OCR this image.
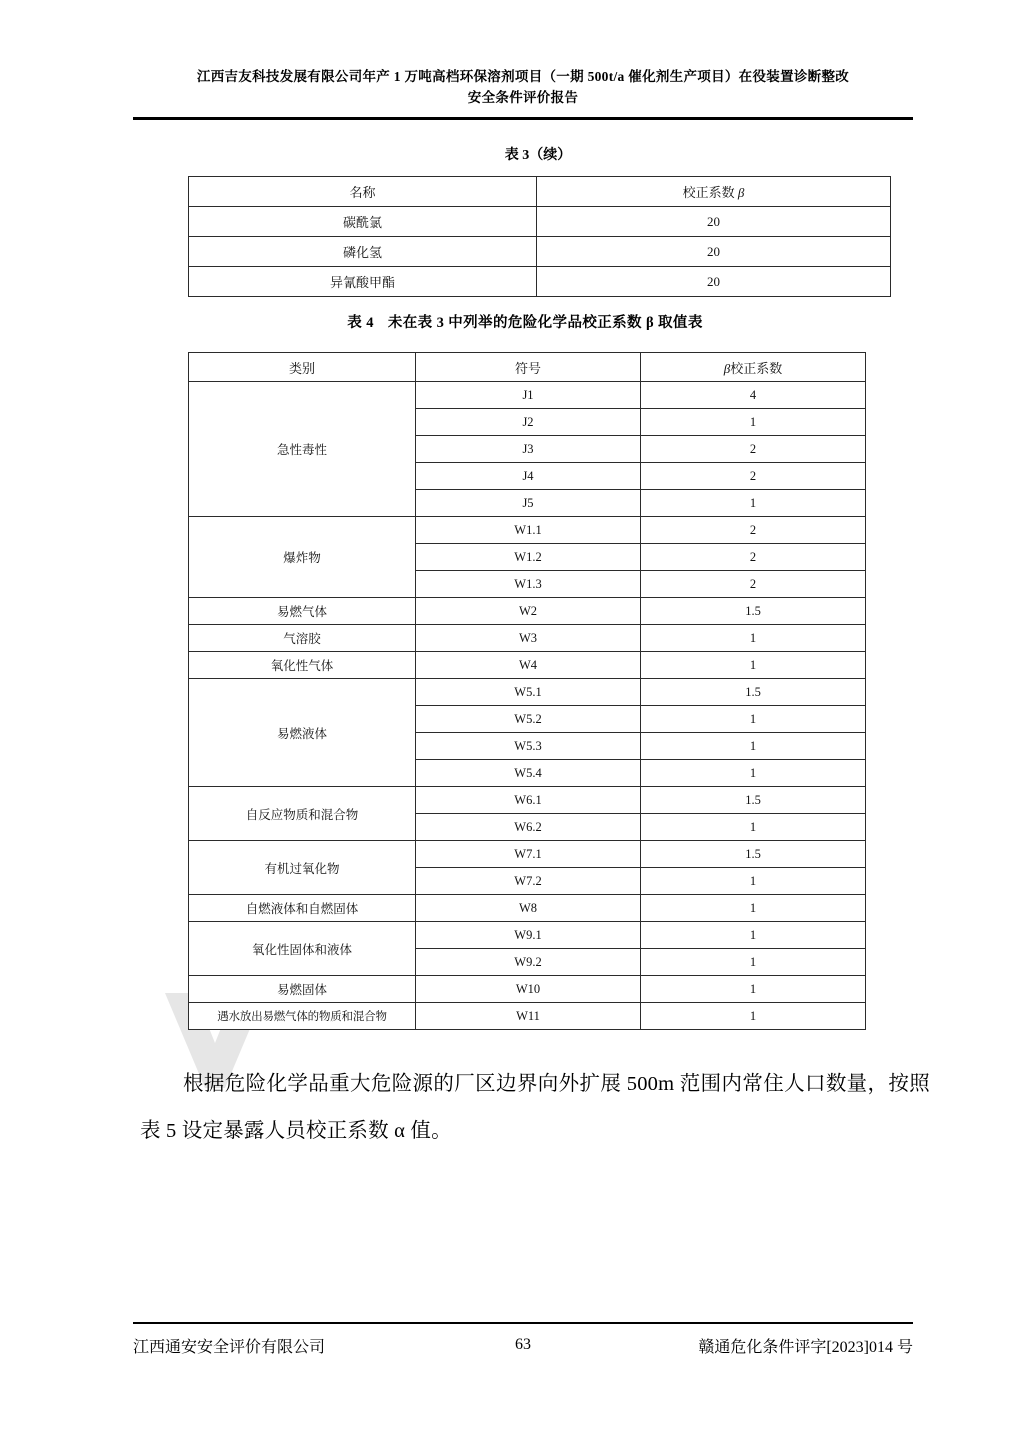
江西吉友科技发展有限公司年产 1 万吨高档环保溶剂项目（一期 500t/a 催化剂生产项目）在役装置诊断整改
安全条件评价报告
表 3（续）
名称	校正系数 β
碳酰氯	20
磷化氢	20
异氰酸甲酯	20
表 4 未在表 3 中列举的危险化学品校正系数 β 取值表
类别	符号	β校正系数
急性毒性	J1	4
	J2	1
	J3	2
	J4	2
	J5	1
爆炸物	W1.1	2
	W1.2	2
	W1.3	2
易燃气体	W2	1.5
气溶胶	W3	1
氧化性气体	W4	1
易燃液体	W5.1	1.5
	W5.2	1
	W5.3	1
	W5.4	1
自反应物质和混合物	W6.1	1.5
	W6.2	1
有机过氧化物	W7.1	1.5
	W7.2	1
自燃液体和自燃固体	W8	1
氧化性固体和液体	W9.1	1
	W9.2	1
易燃固体	W10	1
遇水放出易燃气体的物质和混合物	W11	1

根据危险化学品重大危险源的厂区边界向外扩展 500m 范围内常住人口数量，按照表 5 设定暴露人员校正系数 α 值。

江西通安安全评价有限公司	63	赣通危化条件评字[2023]014 号
